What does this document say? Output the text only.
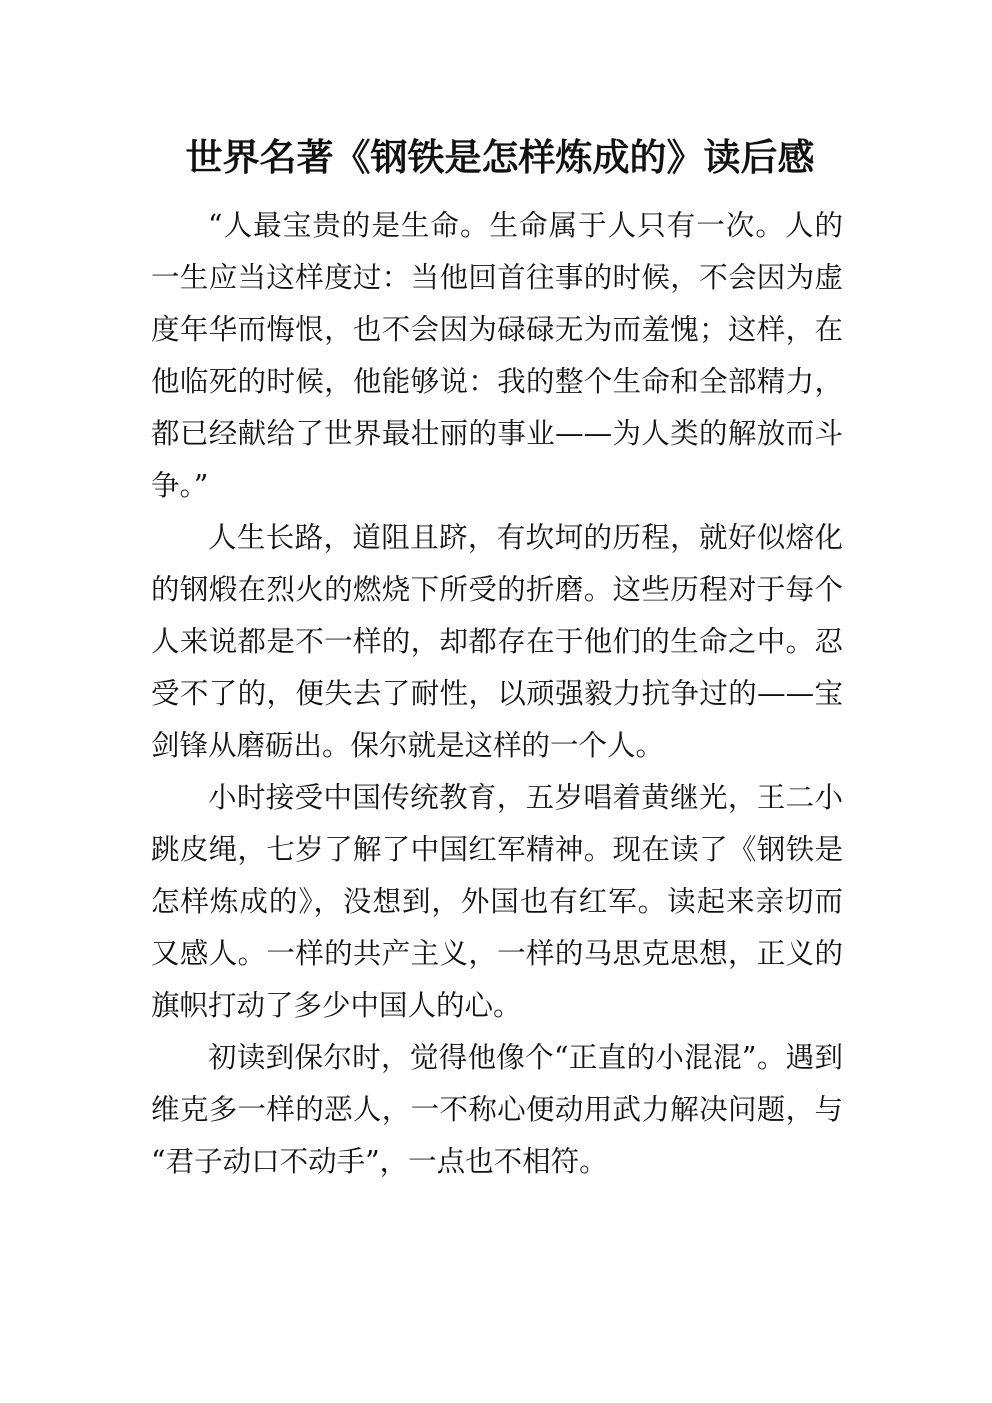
世界名著《钢铁是怎样炼成的》读后感

“人最宝贵的是生命。生命属于人只有一次。人的一生应当这样度过：当他回首往事的时候，不会因为虚度年华而悔恨，也不会因为碌碌无为而羞愧；这样，在他临死的时候，他能够说：我的整个生命和全部精力，都已经献给了世界最壮丽的事业——为人类的解放而斗争。”

人生长路，道阻且跻，有坎坷的历程，就好似熔化的钢煅在烈火的燃烧下所受的折磨。这些历程对于每个人来说都是不一样的，却都存在于他们的生命之中。忍受不了的，便失去了耐性，以顽强毅力抗争过的——宝剑锋从磨砺出。保尔就是这样的一个人。

小时接受中国传统教育，五岁唱着黄继光，王二小跳皮绳，七岁了解了中国红军精神。现在读了《钢铁是怎样炼成的》，没想到，外国也有红军。读起来亲切而又感人。一样的共产主义，一样的马思克思想，正义的旗帜打动了多少中国人的心。

初读到保尔时，觉得他像个“正直的小混混”。遇到维克多一样的恶人，一不称心便动用武力解决问题，与“君子动口不动手”，一点也不相符。
